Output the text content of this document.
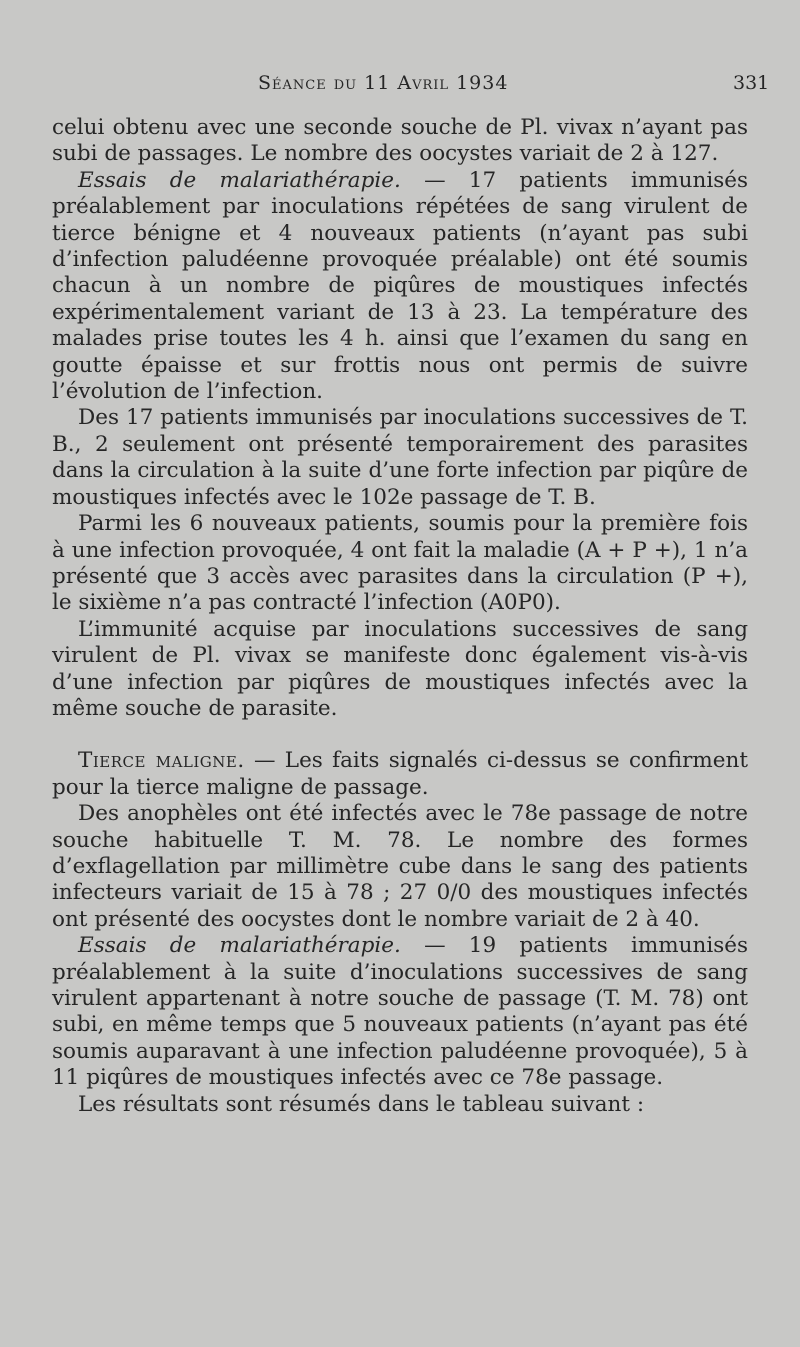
Séance du 11 Avril 1934	331

celui obtenu avec une seconde souche de Pl. vivax n’ayant pas subi de passages. Le nombre des oocystes variait de 2 à 127.

Essais de malariathérapie. — 17 patients immunisés préalablement par inoculations répétées de sang virulent de tierce bénigne et 4 nouveaux patients (n’ayant pas subi d’infection paludéenne provoquée préalable) ont été soumis chacun à un nombre de piqûres de moustiques infectés expérimentalement variant de 13 à 23. La température des malades prise toutes les 4 h. ainsi que l’examen du sang en goutte épaisse et sur frottis nous ont permis de suivre l’évolution de l’infection.

Des 17 patients immunisés par inoculations successives de T. B., 2 seulement ont présenté temporairement des parasites dans la circulation à la suite d’une forte infection par piqûre de moustiques infectés avec le 102e passage de T. B.

Parmi les 6 nouveaux patients, soumis pour la première fois à une infection provoquée, 4 ont fait la maladie (A + P +), 1 n’a présenté que 3 accès avec parasites dans la circulation (P +), le sixième n’a pas contracté l’infection (A0P0).

L’immunité acquise par inoculations successives de sang virulent de Pl. vivax se manifeste donc également vis-à-vis d’une infection par piqûres de moustiques infectés avec la même souche de parasite.

Tierce maligne. — Les faits signalés ci-dessus se confirment pour la tierce maligne de passage.

Des anophèles ont été infectés avec le 78e passage de notre souche habituelle T. M. 78. Le nombre des formes d’exflagellation par millimètre cube dans le sang des patients infecteurs variait de 15 à 78 ; 27 0/0 des moustiques infectés ont présenté des oocystes dont le nombre variait de 2 à 40.

Essais de malariathérapie. — 19 patients immunisés préalablement à la suite d’inoculations successives de sang virulent appartenant à notre souche de passage (T. M. 78) ont subi, en même temps que 5 nouveaux patients (n’ayant pas été soumis auparavant à une infection paludéenne provoquée), 5 à 11 piqûres de moustiques infectés avec ce 78e passage.

Les résultats sont résumés dans le tableau suivant :
